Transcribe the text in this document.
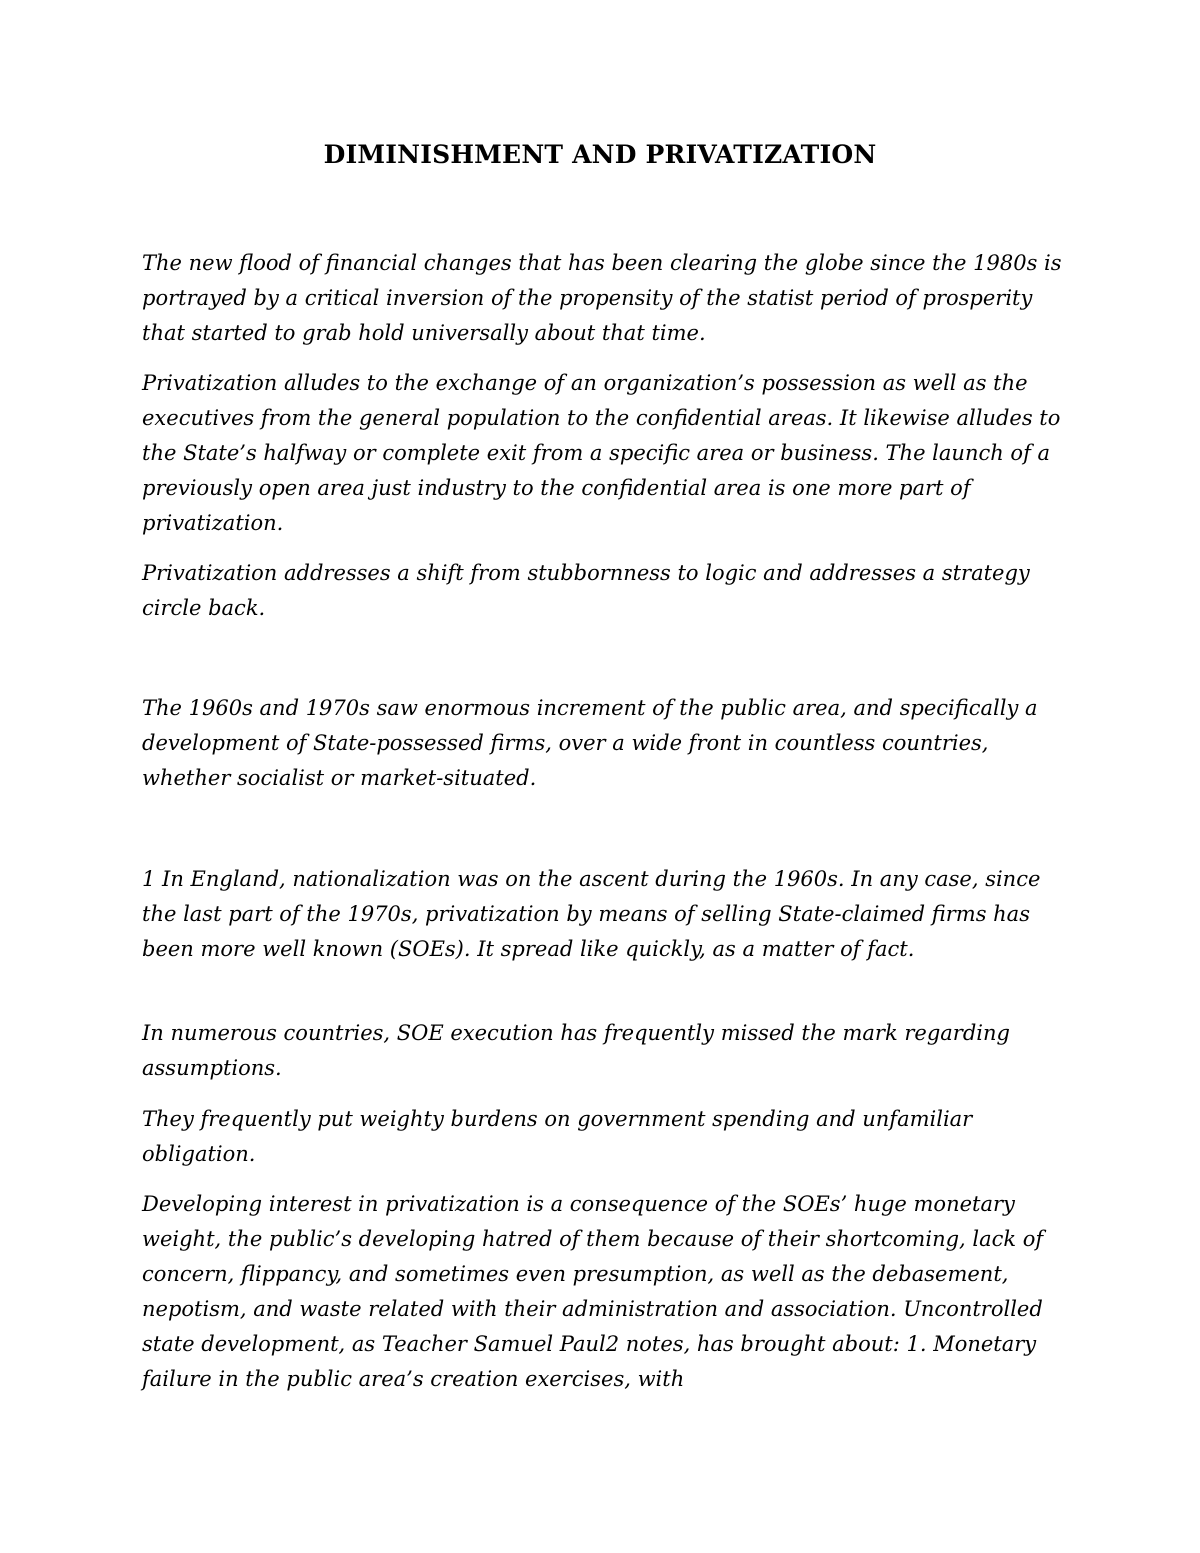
DIMINISHMENT AND PRIVATIZATION

The new flood of financial changes that has been clearing the globe since the 1980s is portrayed by a critical inversion of the propensity of the statist period of prosperity that started to grab hold universally about that time.

Privatization alludes to the exchange of an organization’s possession as well as the executives from the general population to the confidential areas. It likewise alludes to the State’s halfway or complete exit from a specific area or business. The launch of a previously open area just industry to the confidential area is one more part of privatization.

Privatization addresses a shift from stubbornness to logic and addresses a strategy circle back.

The 1960s and 1970s saw enormous increment of the public area, and specifically a development of State-possessed firms, over a wide front in countless countries, whether socialist or market-situated.

1 In England, nationalization was on the ascent during the 1960s. In any case, since the last part of the 1970s, privatization by means of selling State-claimed firms has been more well known (SOEs). It spread like quickly, as a matter of fact.

In numerous countries, SOE execution has frequently missed the mark regarding assumptions.

They frequently put weighty burdens on government spending and unfamiliar obligation.

Developing interest in privatization is a consequence of the SOEs’ huge monetary weight, the public’s developing hatred of them because of their shortcoming, lack of concern, flippancy, and sometimes even presumption, as well as the debasement, nepotism, and waste related with their administration and association. Uncontrolled state development, as Teacher Samuel Paul2 notes, has brought about: 1. Monetary failure in the public area’s creation exercises, with
